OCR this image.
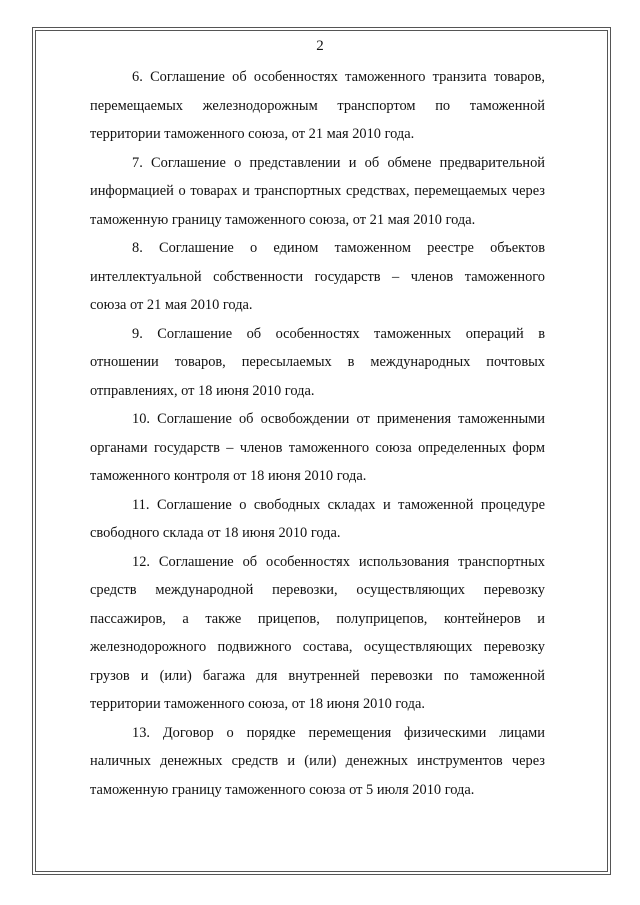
2

6. Соглашение об особенностях таможенного транзита товаров, перемещаемых железнодорожным транспортом по таможенной территории таможенного союза, от 21 мая 2010 года.

7. Соглашение о представлении и об обмене предварительной информацией о товарах и транспортных средствах, перемещаемых через таможенную границу таможенного союза, от 21 мая 2010 года.

8. Соглашение о едином таможенном реестре объектов интеллектуальной собственности государств – членов таможенного союза от 21 мая 2010 года.

9. Соглашение об особенностях таможенных операций в отношении товаров, пересылаемых в международных почтовых отправлениях, от 18 июня 2010 года.

10. Соглашение об освобождении от применения таможенными органами государств – членов таможенного союза определенных форм таможенного контроля от 18 июня 2010 года.

11. Соглашение о свободных складах и таможенной процедуре свободного склада от 18 июня 2010 года.

12. Соглашение об особенностях использования транспортных средств международной перевозки, осуществляющих перевозку пассажиров, а также прицепов, полуприцепов, контейнеров и железнодорожного подвижного состава, осуществляющих перевозку грузов и (или) багажа для внутренней перевозки по таможенной территории таможенного союза, от 18 июня 2010 года.

13. Договор о порядке перемещения физическими лицами наличных денежных средств и (или) денежных инструментов через таможенную границу таможенного союза от 5 июля 2010 года.
